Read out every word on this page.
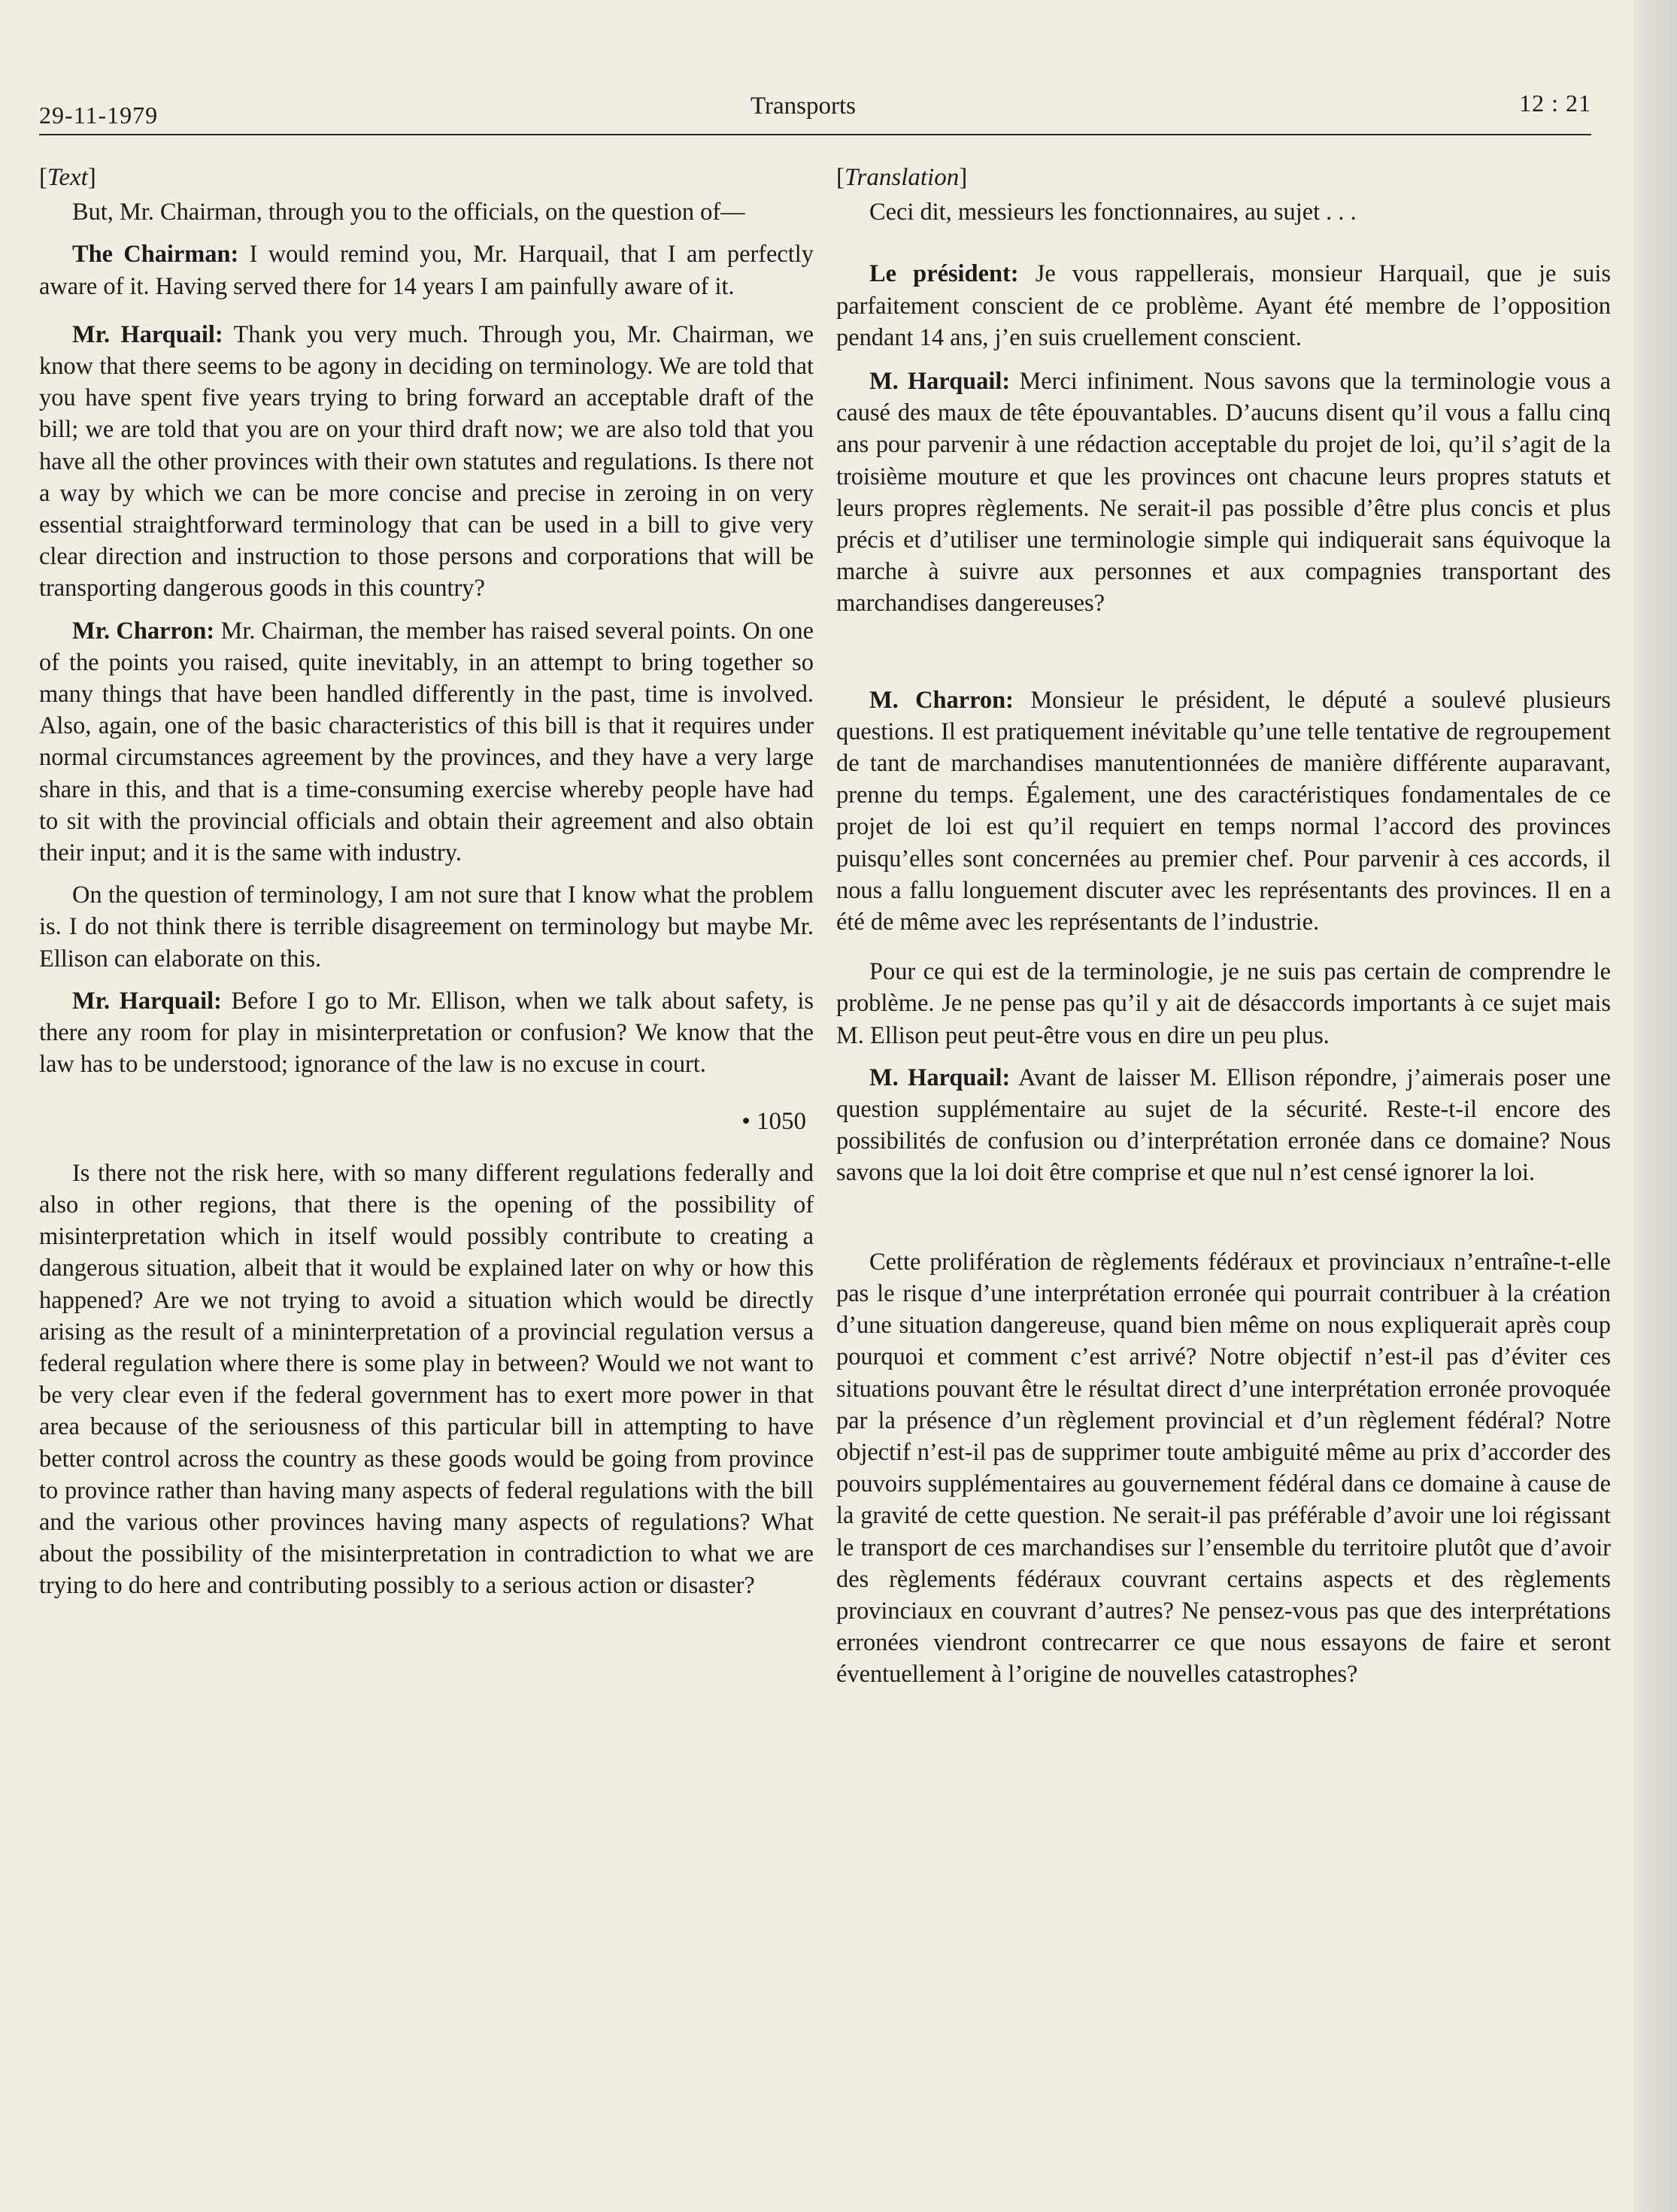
29-11-1979	Transports	12 : 21
[Text]

But, Mr. Chairman, through you to the officials, on the question of—

The Chairman: I would remind you, Mr. Harquail, that I am perfectly aware of it. Having served there for 14 years I am painfully aware of it.

Mr. Harquail: Thank you very much. Through you, Mr. Chairman, we know that there seems to be agony in deciding on terminology. We are told that you have spent five years trying to bring forward an acceptable draft of the bill; we are told that you are on your third draft now; we are also told that you have all the other provinces with their own statutes and regulations. Is there not a way by which we can be more concise and precise in zeroing in on very essential straightforward terminology that can be used in a bill to give very clear direction and instruction to those persons and corporations that will be transporting dangerous goods in this country?

Mr. Charron: Mr. Chairman, the member has raised several points. On one of the points you raised, quite inevitably, in an attempt to bring together so many things that have been handled differently in the past, time is involved. Also, again, one of the basic characteristics of this bill is that it requires under normal circumstances agreement by the provinces, and they have a very large share in this, and that is a time-consuming exercise whereby people have had to sit with the provincial officials and obtain their agreement and also obtain their input; and it is the same with industry.

On the question of terminology, I am not sure that I know what the problem is. I do not think there is terrible disagreement on terminology but maybe Mr. Ellison can elaborate on this.

Mr. Harquail: Before I go to Mr. Ellison, when we talk about safety, is there any room for play in misinterpretation or confusion? We know that the law has to be understood; ignorance of the law is no excuse in court.

• 1050

Is there not the risk here, with so many different regulations federally and also in other regions, that there is the opening of the possibility of misinterpretation which in itself would possibly contribute to creating a dangerous situation, albeit that it would be explained later on why or how this happened? Are we not trying to avoid a situation which would be directly arising as the result of a mininterpretation of a provincial regulation versus a federal regulation where there is some play in between? Would we not want to be very clear even if the federal government has to exert more power in that area because of the seriousness of this particular bill in attempting to have better control across the country as these goods would be going from province to province rather than having many aspects of federal regulations with the bill and the various other provinces having many aspects of regulations? What about the possibility of the misinterpretation in contradiction to what we are trying to do here and contributing possibly to a serious action or disaster?

[Translation]

Ceci dit, messieurs les fonctionnaires, au sujet . . .

Le président: Je vous rappellerais, monsieur Harquail, que je suis parfaitement conscient de ce problème. Ayant été membre de l’opposition pendant 14 ans, j’en suis cruellement conscient.

M. Harquail: Merci infiniment. Nous savons que la terminologie vous a causé des maux de tête épouvantables. D’aucuns disent qu’il vous a fallu cinq ans pour parvenir à une rédaction acceptable du projet de loi, qu’il s’agit de la troisième mouture et que les provinces ont chacune leurs propres statuts et leurs propres règlements. Ne serait-il pas possible d’être plus concis et plus précis et d’utiliser une terminologie simple qui indiquerait sans équivoque la marche à suivre aux personnes et aux compagnies transportant des marchandises dangereuses?

M. Charron: Monsieur le président, le député a soulevé plusieurs questions. Il est pratiquement inévitable qu’une telle tentative de regroupement de tant de marchandises manutentionnées de manière différente auparavant, prenne du temps. Également, une des caractéristiques fondamentales de ce projet de loi est qu’il requiert en temps normal l’accord des provinces puisqu’elles sont concernées au premier chef. Pour parvenir à ces accords, il nous a fallu longuement discuter avec les représentants des provinces. Il en a été de même avec les représentants de l’industrie.

Pour ce qui est de la terminologie, je ne suis pas certain de comprendre le problème. Je ne pense pas qu’il y ait de désaccords importants à ce sujet mais M. Ellison peut peut-être vous en dire un peu plus.

M. Harquail: Avant de laisser M. Ellison répondre, j’aimerais poser une question supplémentaire au sujet de la sécurité. Reste-t-il encore des possibilités de confusion ou d’interprétation erronée dans ce domaine? Nous savons que la loi doit être comprise et que nul n’est censé ignorer la loi.

Cette prolifération de règlements fédéraux et provinciaux n’entraîne-t-elle pas le risque d’une interprétation erronée qui pourrait contribuer à la création d’une situation dangereuse, quand bien même on nous expliquerait après coup pourquoi et comment c’est arrivé? Notre objectif n’est-il pas d’éviter ces situations pouvant être le résultat direct d’une interprétation erronée provoquée par la présence d’un règlement provincial et d’un règlement fédéral? Notre objectif n’est-il pas de supprimer toute ambiguité même au prix d’accorder des pouvoirs supplémentaires au gouvernement fédéral dans ce domaine à cause de la gravité de cette question. Ne serait-il pas préférable d’avoir une loi régissant le transport de ces marchandises sur l’ensemble du territoire plutôt que d’avoir des règlements fédéraux couvrant certains aspects et des règlements provinciaux en couvrant d’autres? Ne pensez-vous pas que des interprétations erronées viendront contrecarrer ce que nous essayons de faire et seront éventuellement à l’origine de nouvelles catastrophes?
